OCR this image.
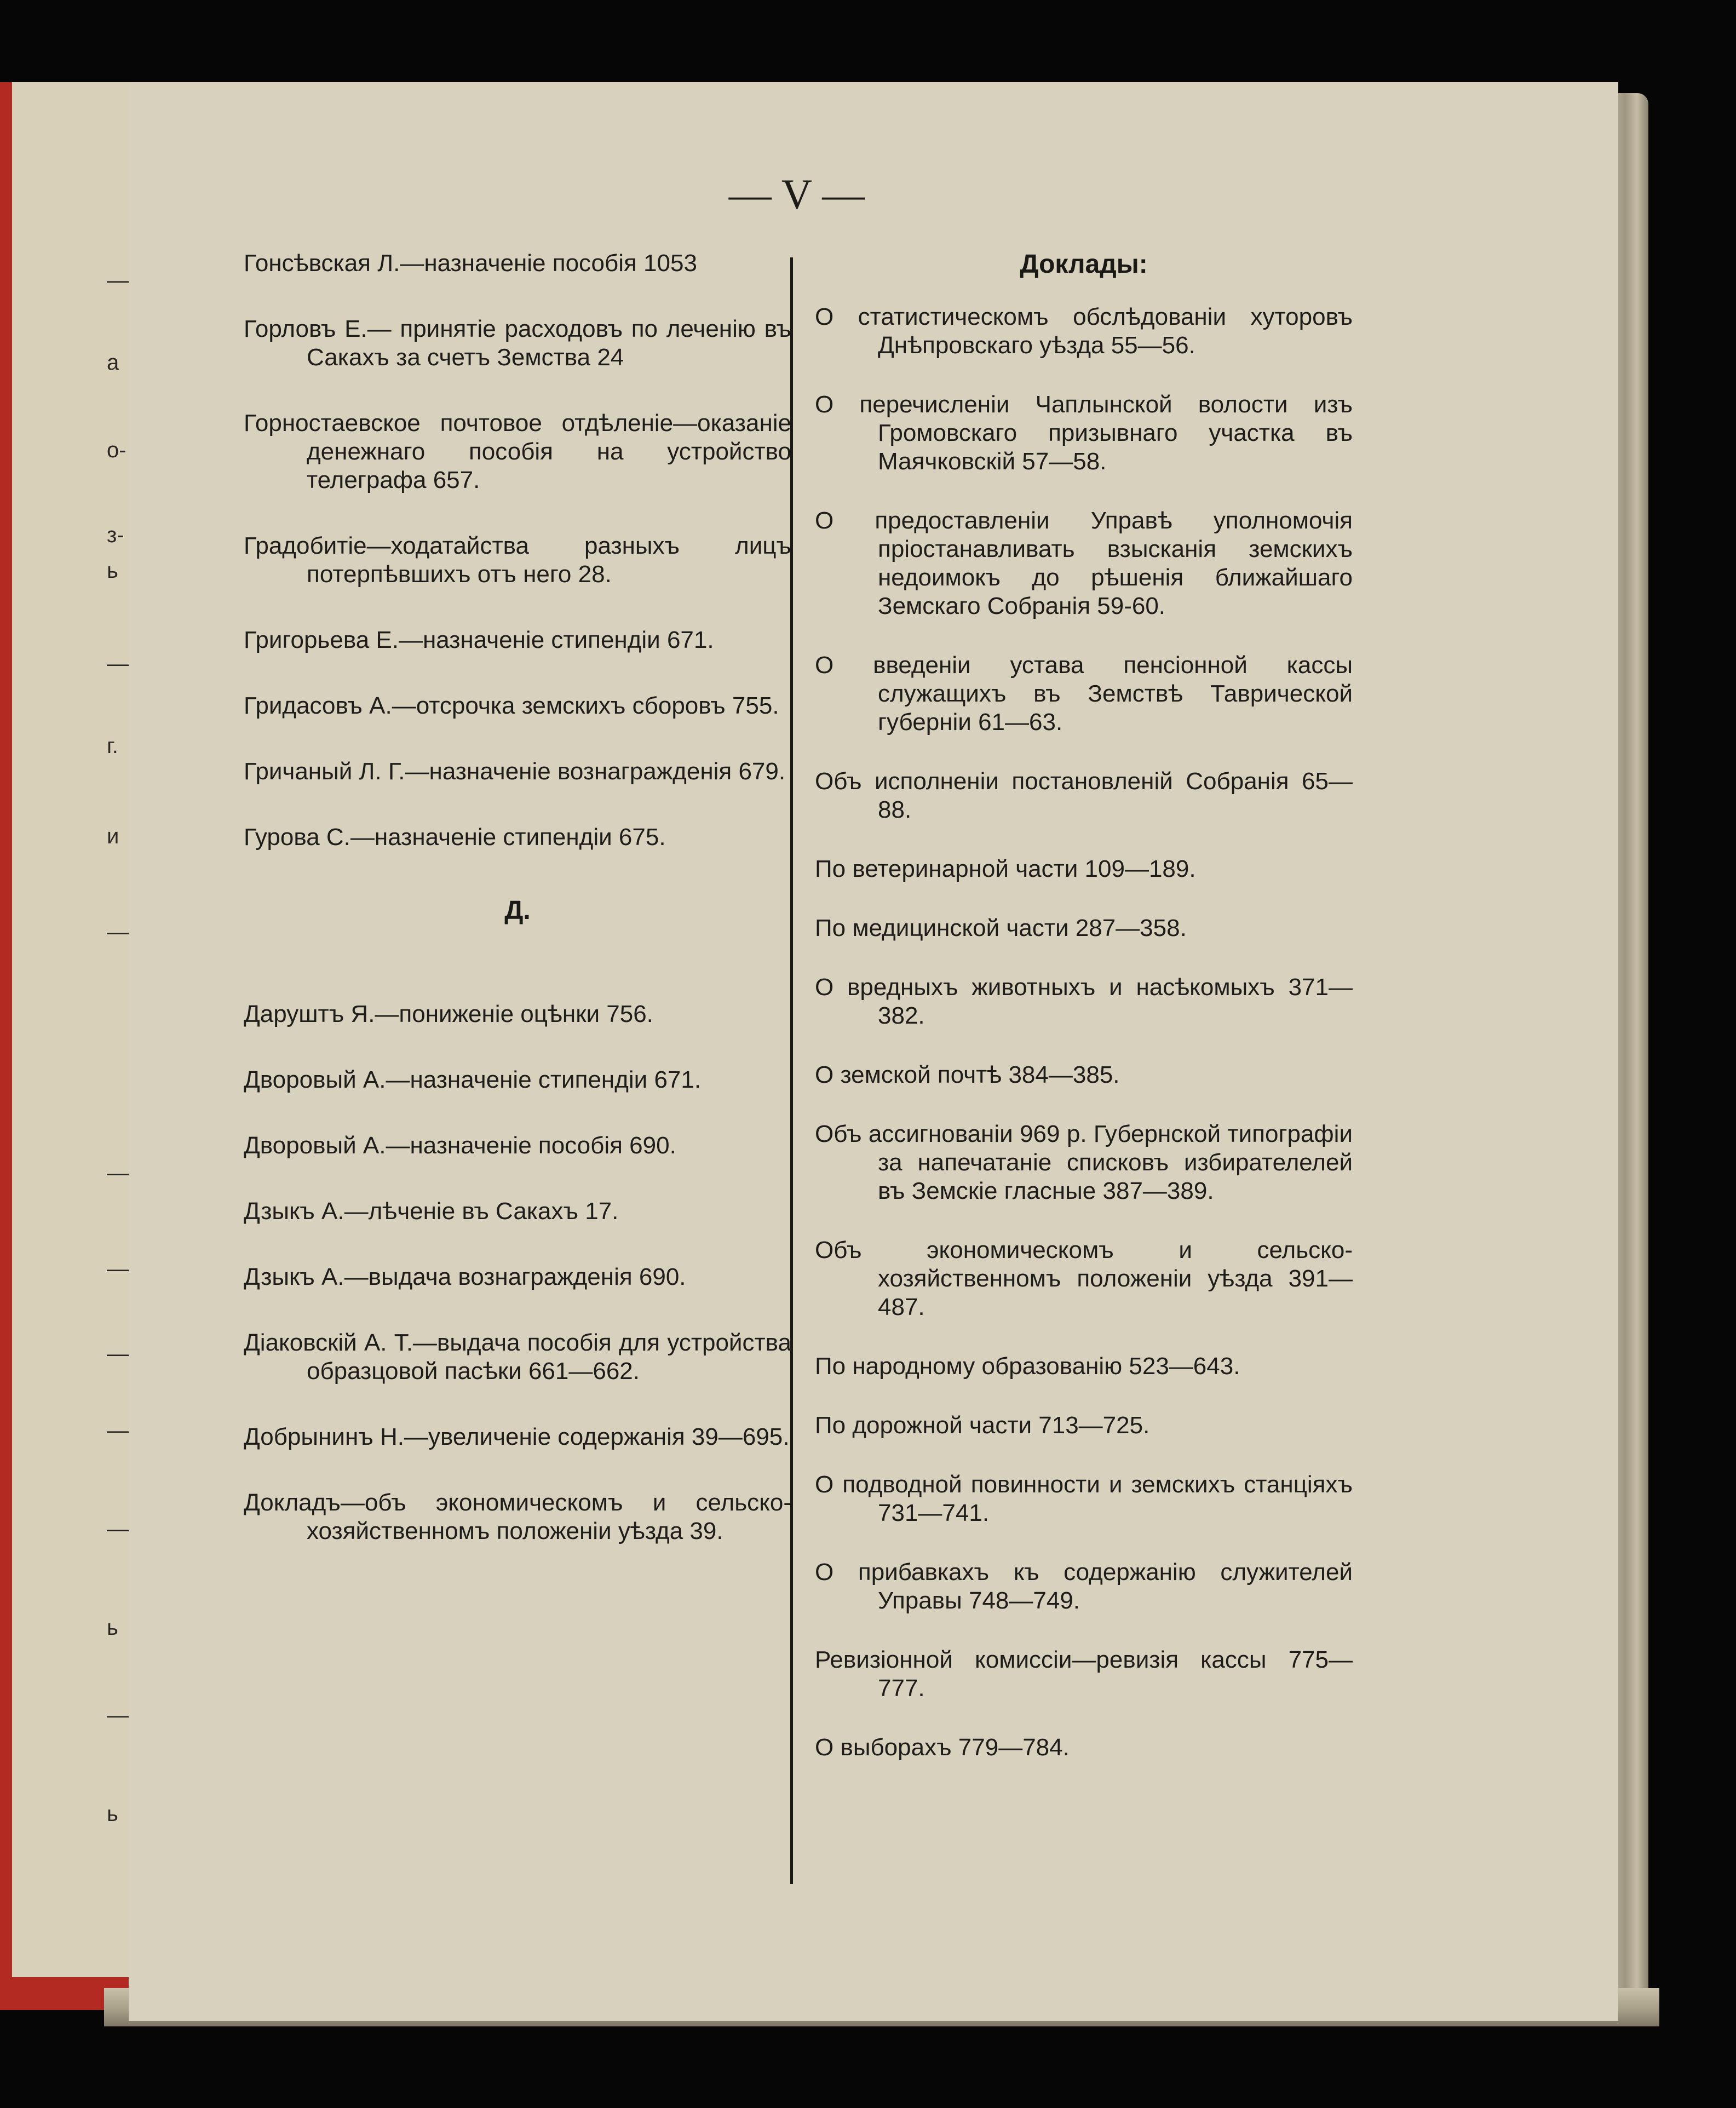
—
а
о-
з-
ь
—
г.
и
—
—
—
—
—
—
ь
—
ь
— V —
Гонсѣвская Л.—назначенiе пособiя 1053
Горловъ Е.— принятiе расходовъ по леченiю въ Сакахъ за счетъ Земства 24
Горностаевское почтовое отдѣленiе—оказанiе денежнаго пособiя на устройство телеграфа 657.
Градобитiе—ходатайства разныхъ лицъ потерпѣвшихъ отъ него 28.
Григорьева Е.—назначенiе стипендiи 671.
Гридасовъ А.—отсрочка земскихъ сборовъ 755.
Гричаный Л. Г.—назначенiе вознагражденiя 679.
Гурова С.—назначенiе стипендiи 675.
Д.
Даруштъ Я.—пониженiе оцѣнки 756.
Дворовый А.—назначенiе стипендiи 671.
Дворовый А.—назначенiе пособiя 690.
Дзыкъ А.—лѣченiе въ Сакахъ 17.
Дзыкъ А.—выдача вознагражденiя 690.
Дiаковскiй А. Т.—выдача пособiя для устройства образцовой пасѣки 661—662.
Добрынинъ Н.—увеличенiе содержанiя 39—695.
Докладъ—объ экономическомъ и сельско-хозяйственномъ положенiи уѣзда 39.
Доклады:
О статистическомъ обслѣдованiи хуторовъ Днѣпровскаго уѣзда 55—56.
О перечисленiи Чаплынской волости изъ Громовскаго призывнаго участка въ Маячковскiй 57—58.
О предоставленiи Управѣ уполномочiя прiостанавливать взысканiя земскихъ недоимокъ до рѣшенiя ближайшаго Земскаго Собранiя 59-60.
О введенiи устава пенсiонной кассы служащихъ въ Земствѣ Таврической губернiи 61—63.
Объ исполненiи постановленiй Собранiя 65—88.
По ветеринарной части 109—189.
По медицинской части 287—358.
О вредныхъ животныхъ и насѣкомыхъ 371—382.
О земской почтѣ 384—385.
Объ ассигнованiи 969 р. Губернской типографiи за напечатанiе списковъ избирателелей въ Земскiе гласные 387—389.
Объ экономическомъ и сельско-хозяйственномъ положенiи уѣзда 391—487.
По народному образованiю 523—643.
По дорожной части 713—725.
О подводной повинности и земскихъ станцiяхъ 731—741.
О прибавкахъ къ содержанiю служителей Управы 748—749.
Ревизiонной комиссiи—ревизiя кассы 775—777.
О выборахъ 779—784.
